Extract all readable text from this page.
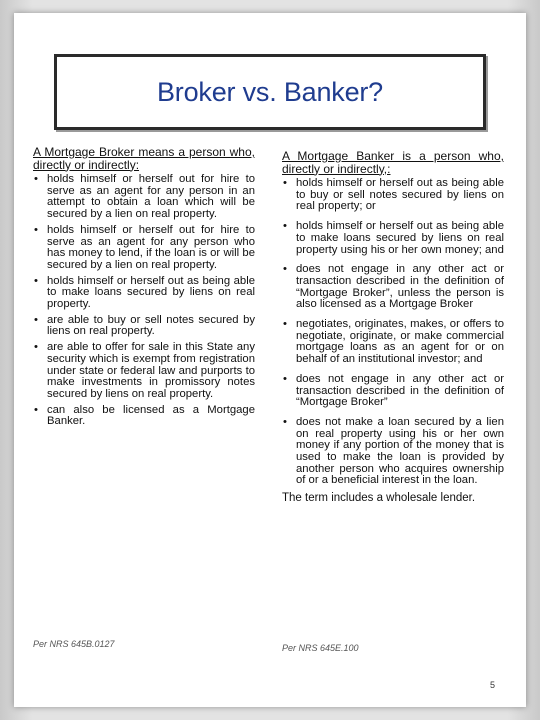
Broker vs. Banker?
A Mortgage Broker means a person who, directly or indirectly:
• holds himself or herself out for hire to serve as an agent for any person in an attempt to obtain a loan which will be secured by a lien on real property.
• holds himself or herself out for hire to serve as an agent for any person who has money to lend, if the loan is or will be secured by a lien on real property.
• holds himself or herself out as being able to make loans secured by liens on real property.
• are able to buy or sell notes secured by liens on real property.
• are able to offer for sale in this State any security which is exempt from registration under state or federal law and purports to make investments in promissory notes secured by liens on real property.
• can also be licensed as a Mortgage Banker.
A Mortgage Banker is a person who, directly or indirectly,:
• holds himself or herself out as being able to buy or sell notes secured by liens on real property; or
• holds himself or herself out as being able to make loans secured by liens on real property using his or her own money; and
• does not engage in any other act or transaction described in the definition of “Mortgage Broker”, unless the person is also licensed as a Mortgage Broker
• negotiates, originates, makes, or offers to negotiate, originate, or make commercial mortgage loans as an agent for or on behalf of an institutional investor; and
• does not engage in any other act or transaction described in the definition of “Mortgage Broker”
• does not make a loan secured by a lien on real property using his or her own money if any portion of the money that is used to make the loan is provided by another person who acquires ownership of or a beneficial interest in the loan.
The term includes a wholesale lender.
Per NRS 645B.0127	Per NRS 645E.100
5
